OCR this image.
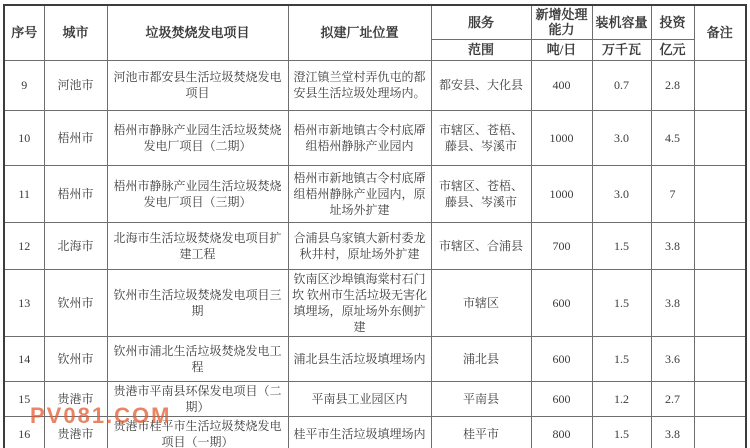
序号	城市	垃圾焚烧发电项目	拟建厂址位置	服务	新增处理能力	装机容量	投资	备注
				范围	吨/日	万千瓦	亿元	
9	河池市	河池市都安县生活垃圾焚烧发电项目	澄江镇兰堂村弄仇屯的都安县生活垃圾处理场内。	都安县、大化县	400	0.7	2.8	
10	梧州市	梧州市静脉产业园生活垃圾焚烧发电厂项目（二期）	梧州市新地镇古令村底厣组梧州静脉产业园内	市辖区、苍梧、藤县、岑溪市	1000	3.0	4.5	
11	梧州市	梧州市静脉产业园生活垃圾焚烧发电厂项目（三期）	梧州市新地镇古令村底厣组梧州静脉产业园内，原址场外扩建	市辖区、苍梧、藤县、岑溪市	1000	3.0	7	
12	北海市	北海市生活垃圾焚烧发电项目扩建工程	合浦县乌家镇大新村委龙秋井村，原址场外扩建	市辖区、合浦县	700	1.5	3.8	
13	钦州市	钦州市生活垃圾焚烧发电项目三期	钦南区沙埠镇海棠村石门坎 钦州市生活垃圾无害化填埋场，原址场外东侧扩建	市辖区	600	1.5	3.8	
14	钦州市	钦州市浦北生活垃圾焚烧发电工程	浦北县生活垃圾填埋场内	浦北县	600	1.5	3.6	
15	贵港市	贵港市平南县环保发电项目（二期）	平南县工业园区内	平南县	600	1.2	2.7	
16	贵港市	贵港市桂平市生活垃圾焚烧发电项目（一期）	桂平市生活垃圾填埋场内	桂平市	800	1.5	3.8	
PV081.COM
